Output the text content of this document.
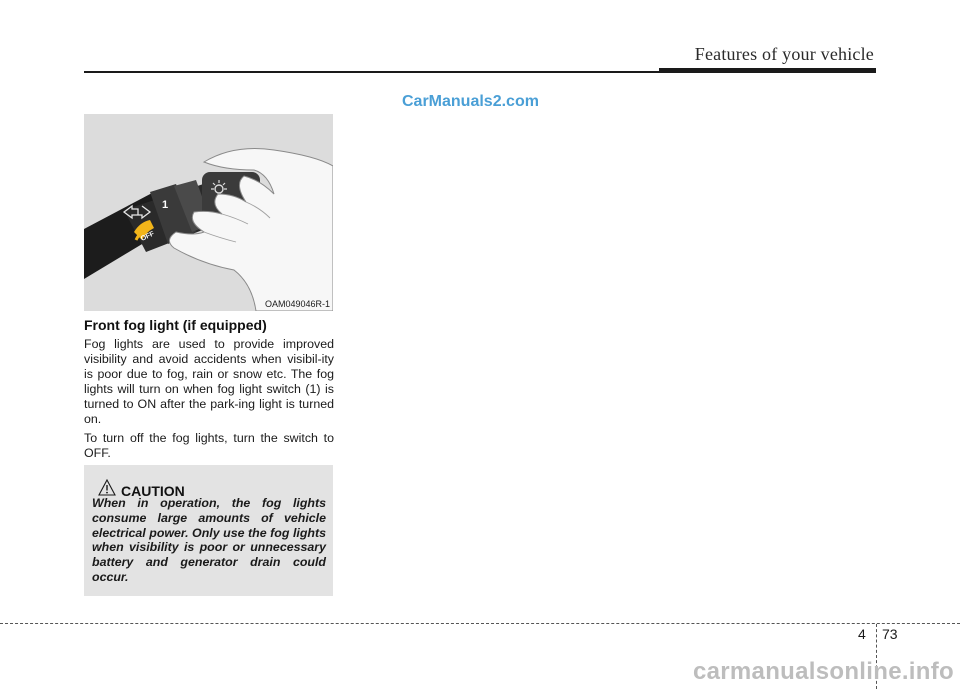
Features of your vehicle
CarManuals2.com
1
OFF
OAM049046R-1
Front fog light (if equipped)

Fog lights are used to provide improved visibility and avoid accidents when visibil-ity is poor due to fog, rain or snow etc. The fog lights will turn on when fog light switch (1) is turned to ON after the park-ing light is turned on.

To turn off the fog lights, turn the switch to OFF.

CAUTION

When in operation, the fog lights consume large amounts of vehicle electrical power. Only use the fog lights when visibility is poor or unnecessary battery and generator drain could occur.

4 73
carmanualsonline.info
